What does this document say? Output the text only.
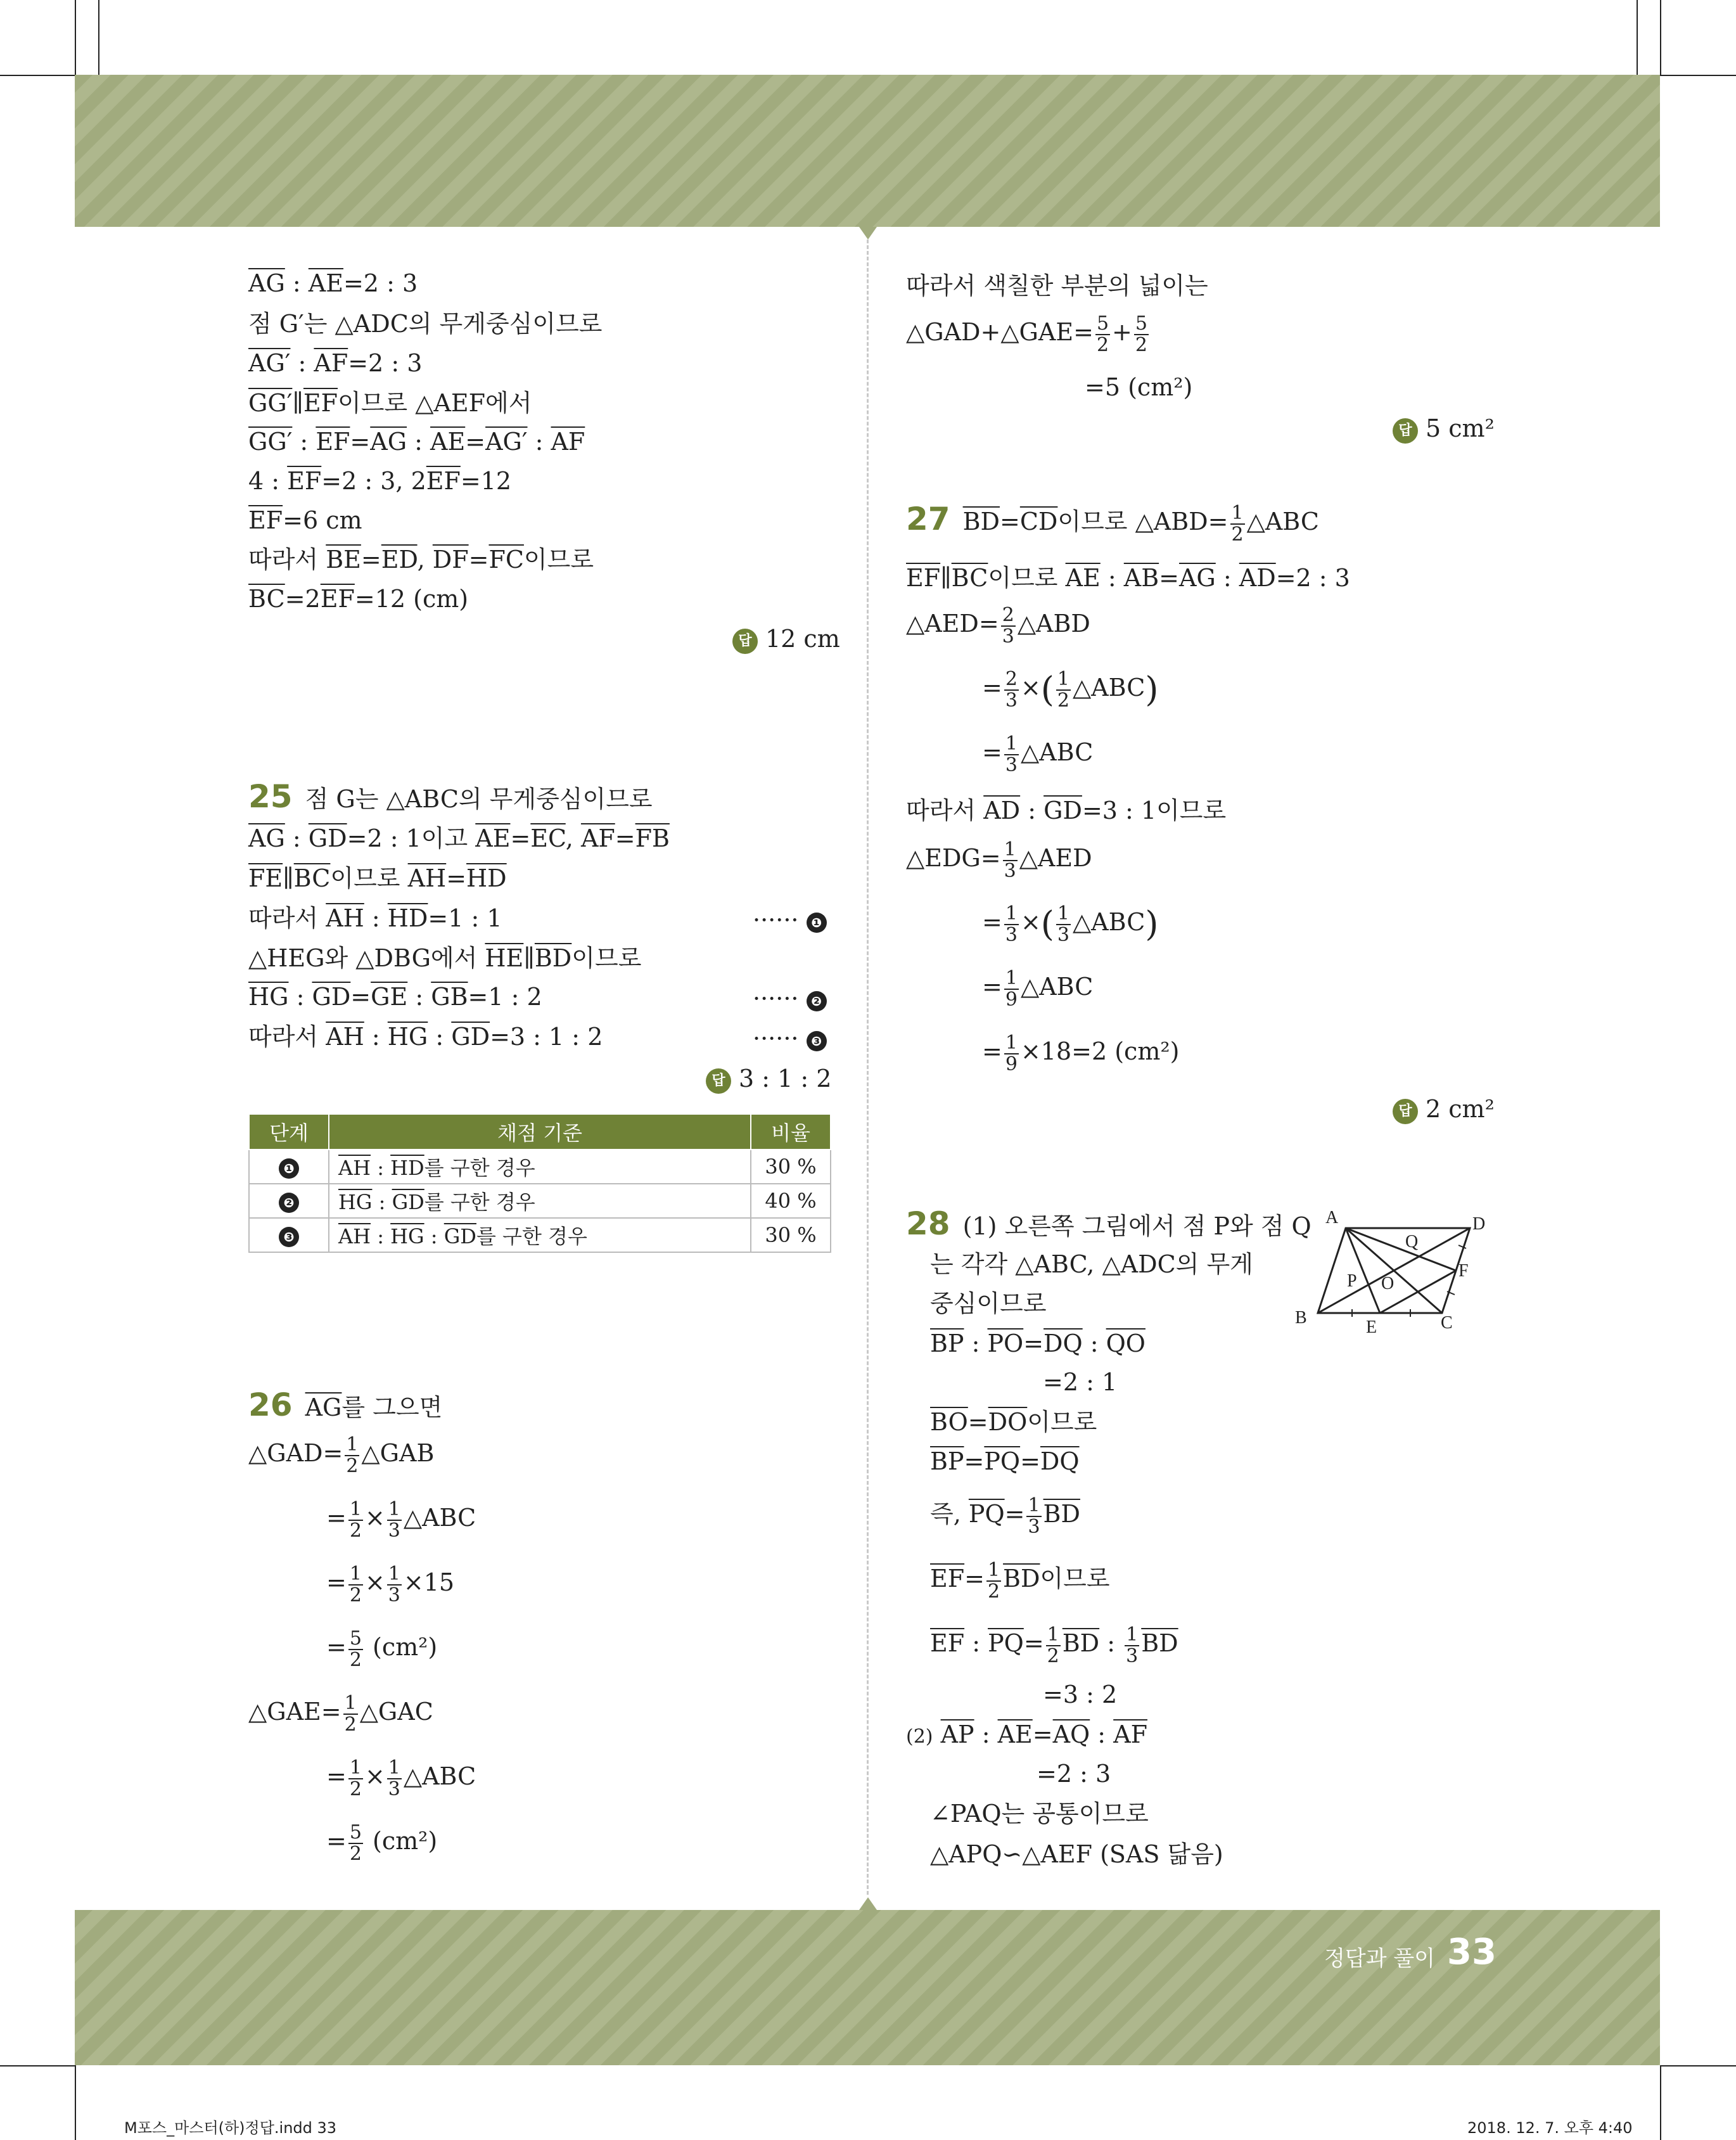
정답과 풀이 33
$\overline{AG}$ : $\overline{AE}=2$ : 3
점 G′는 △ADC의 무게중심이므로
AG′ : $\overline{AF}=2$ : 3
$GG'\parallel\overline{EF}$이므로 △AEF에서
GG′ : $\overline{EF}=\overline{AG}$ : $\overline{AE}=AG'$ : $\overline{AF}$
4 : $\overline{EF}=2$ : 3, $2\overline{EF}=12$
$\overline{EF}=6$ cm
따라서 $\overline{BE}=\overline{ED}$, $\overline{DF}=\overline{FC}$이므로
$\overline{BC}=2\overline{EF}=12$ (cm)
답 12 cm
25 점 G는 △ABC의 무게중심이므로
$\overline{AG}$ : $\overline{GD}=2$ : 1이고 $\overline{AE}=\overline{EC}$, $\overline{AF}=\overline{FB}$
$\overline{FE}\parallel\overline{BC}$이므로 $\overline{AH}=\overline{HD}$
따라서 $\overline{AH}$ : $\overline{HD}=1$ : 1	······ ❶
△HEG와 △DBG에서 $\overline{HE}\parallel\overline{BD}$이므로
$\overline{HG}$ : $\overline{GD}=\overline{GE}$ : $\overline{GB}=1$ : 2	······ ❷
따라서 $\overline{AH}$ : $\overline{HG}$ : $\overline{GD}=3$ : 1 : 2	······ ❸
답 3 : 1 : 2
단계	채점 기준	비율
❶	$\overline{AH}$ : $\overline{HD}$를 구한 경우	30 %
❷	$\overline{HG}$ : $\overline{GD}$를 구한 경우	40 %
❸	$\overline{AH}$ : $\overline{HG}$ : $\overline{GD}$를 구한 경우	30 %
26 $\overline{AG}$를 그으면
△GAD= $\frac{1}{2}$ △GAB
= $\frac{1}{2} \times \frac{1}{3}$ △ABC
= $\frac{1}{2} \times \frac{1}{3} \times 15$
= $\frac{5}{2} (cm^2)$
△GAE= $\frac{1}{2}$ △GAC
= $\frac{1}{2} \times \frac{1}{3}$ △ABC
= $\frac{5}{2} (cm^2)$
따라서 색칠한 부분의 넓이는
△GAD+△GAE= $\frac{5}{2} + \frac{5}{2}$
=5 (cm²)
답 5 cm²
27 $\overline{BD}=\overline{CD}$이므로 △ABD= $\frac{1}{2}$ △ABC
$\overline{EF}\parallel\overline{BC}$이므로 $\overline{AE}$ : $\overline{AB}=\overline{AG}$ : $\overline{AD}=2$ : 3
△AED= $\frac{2}{3}$ △ABD
= $\frac{2}{3}$ ×( $\frac{1}{2}$ △ABC)
= $\frac{1}{3}$ △ABC
따라서 $\overline{AD}$ : $\overline{GD}=3$ : 1이므로
△EDG= $\frac{1}{3}$ △AED
= $\frac{1}{3}$ ×( $\frac{1}{3}$ △ABC)
= $\frac{1}{9}$ △ABC
= $\frac{1}{9} \times 18=2$ (cm²)
답 2 cm²
28 (1) 오른쪽 그림에서 점 P와 점 Q
는 각각 △ABC, △ADC의 무게
중심이므로
$\overline{BP}$ : $\overline{PO}=\overline{DQ}$ : $\overline{QO}$
=2 : 1
$\overline{BO}=\overline{DO}$이므로
$\overline{BP}=\overline{PQ}=\overline{DQ}$
즉, $\overline{PQ}= \frac{1}{3} \overline{BD}$
$\overline{EF}= \frac{1}{2} \overline{BD}$이므로
$\overline{EF}$ : $\overline{PQ}= \frac{1}{2} \overline{BD}$ : $\frac{1}{3} \overline{BD}$
=3 : 2
(2) $\overline{AP}$ : $\overline{AE}=\overline{AQ}$ : $\overline{AF}$
=2 : 3
∠PAQ는 공통이므로
△APQ∽△AEF (SAS 닮음)
A	D
Q
P O
F
B	E	C
M포스_마스터(하)정답.indd 33	2018. 12. 7. 오후 4:40
